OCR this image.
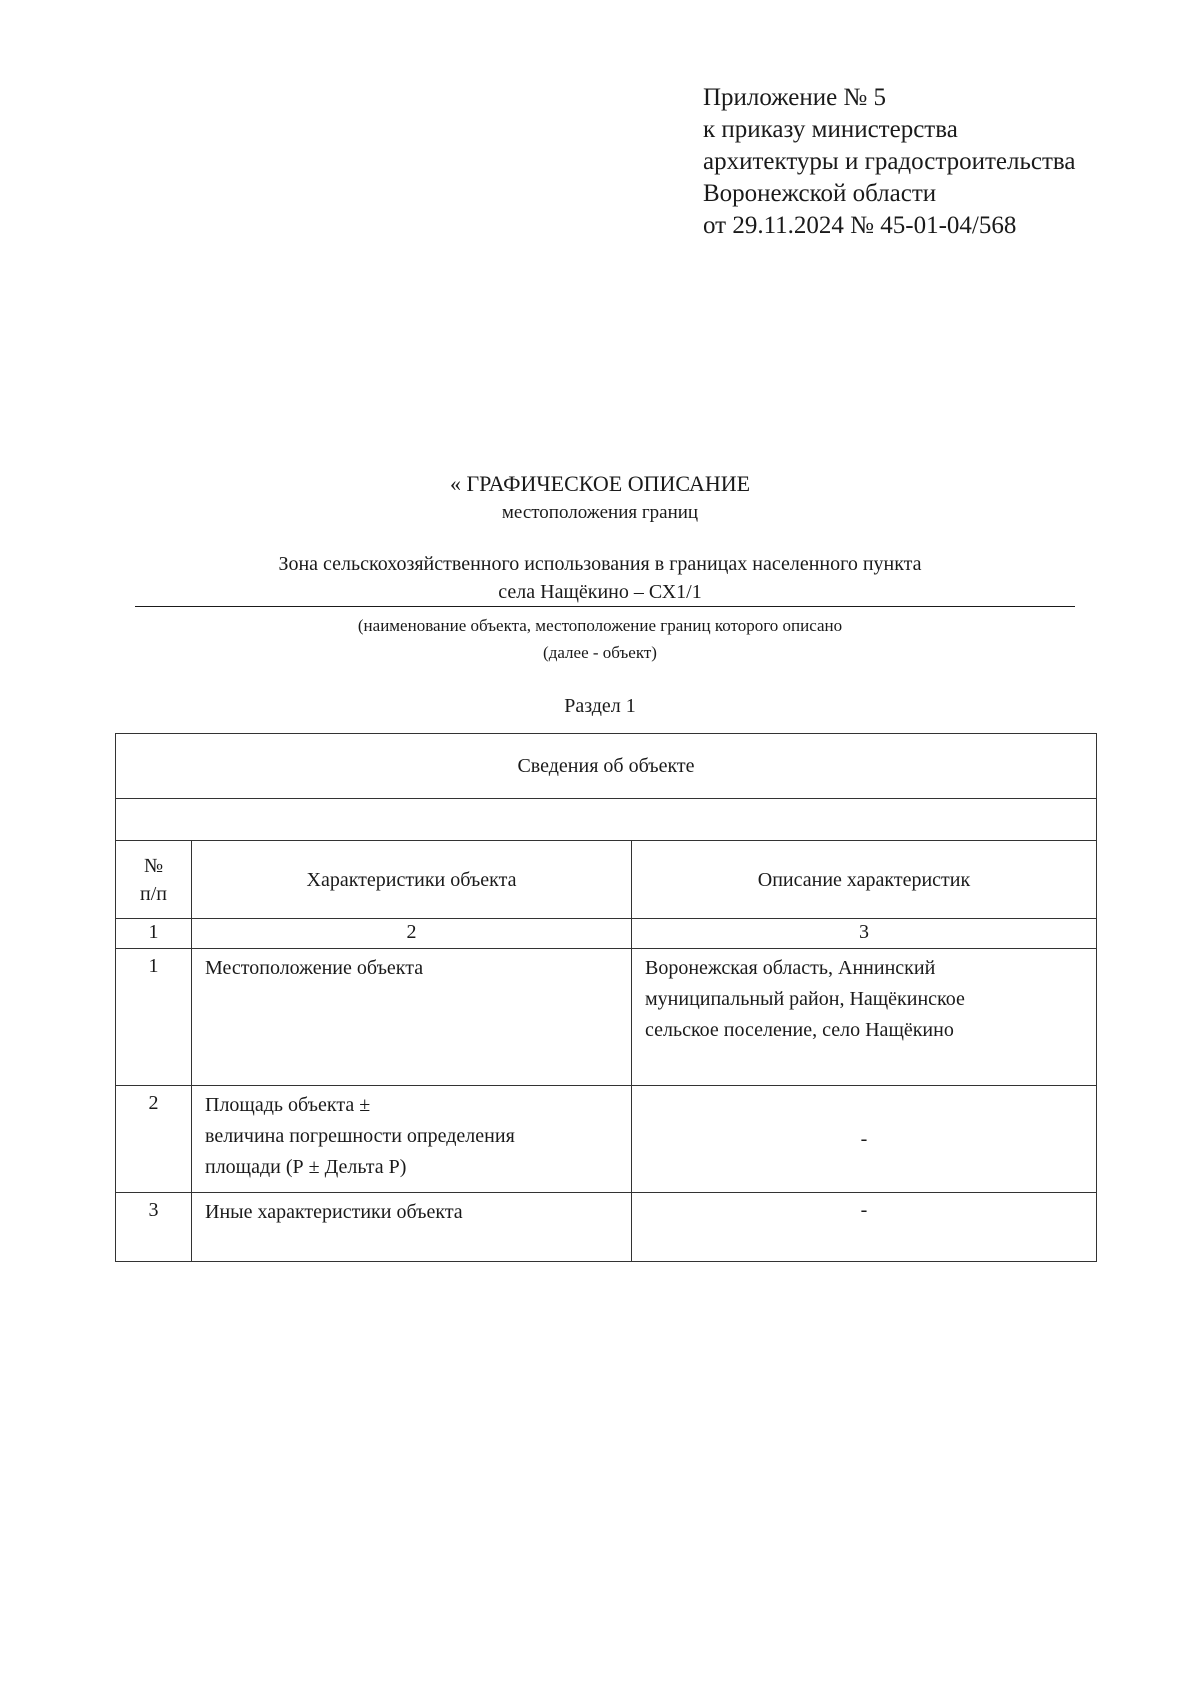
Приложение № 5
к приказу министерства
архитектуры и градостроительства
Воронежской области
от 29.11.2024 № 45-01-04/568
« ГРАФИЧЕСКОЕ ОПИСАНИЕ
местоположения границ
Зона сельскохозяйственного использования в границах населенного пункта
села Нащёкино – СХ1/1
(наименование объекта, местоположение границ которого описано
(далее - объект)
Раздел 1
Сведения об объекте		

№
п/п	Характеристики объекта	Описание характеристик
1	2	3
1	Местоположение объекта	Воронежская область, Аннинский
муниципальный район, Нащёкинское
сельское поселение, село Нащёкино

2	Площадь объекта ±
величина погрешности определения
площади (Р ± Дельта Р)	-
3	Иные характеристики объекта	-
